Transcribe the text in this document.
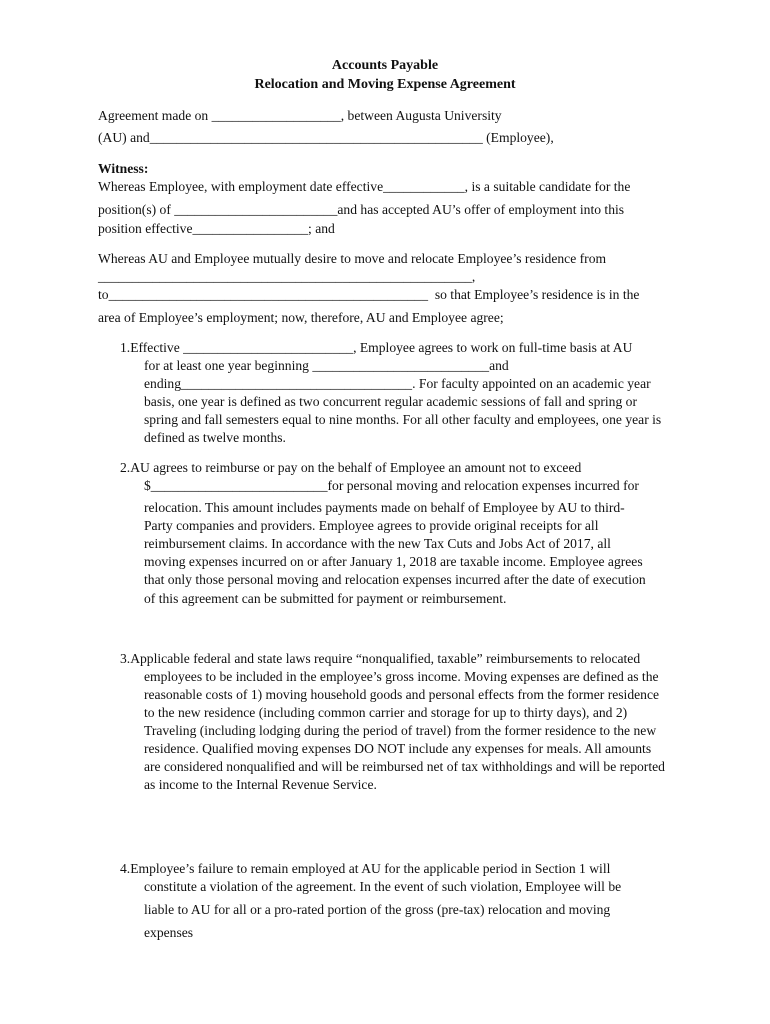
Accounts Payable
Relocation and Moving Expense Agreement
Agreement made on ___________________, between Augusta University
(AU) and_________________________________________________ (Employee),
Witness:
Whereas Employee, with employment date effective____________, is a suitable candidate for the
position(s) of ________________________and has accepted AU’s offer of employment into this
position effective_________________; and
Whereas AU and Employee mutually desire to move and relocate Employee’s residence from
_______________________________________________________,
to_______________________________________________  so that Employee’s residence is in the
area of Employee’s employment; now, therefore, AU and Employee agree;
1.Effective _________________________, Employee agrees to work on full-time basis at AU
for at least one year beginning __________________________and
ending__________________________________. For faculty appointed on an academic year
basis, one year is defined as two concurrent regular academic sessions of fall and spring or
spring and fall semesters equal to nine months. For all other faculty and employees, one year is
defined as twelve months.
2.AU agrees to reimburse or pay on the behalf of Employee an amount not to exceed
$__________________________for personal moving and relocation expenses incurred for
relocation. This amount includes payments made on behalf of Employee by AU to third-
Party companies and providers. Employee agrees to provide original receipts for all
reimbursement claims. In accordance with the new Tax Cuts and Jobs Act of 2017, all
moving expenses incurred on or after January 1, 2018 are taxable income. Employee agrees
that only those personal moving and relocation expenses incurred after the date of execution
of this agreement can be submitted for payment or reimbursement.
3.Applicable federal and state laws require “nonqualified, taxable” reimbursements to relocated
employees to be included in the employee’s gross income. Moving expenses are defined as the
reasonable costs of 1) moving household goods and personal effects from the former residence
to the new residence (including common carrier and storage for up to thirty days), and 2)
Traveling (including lodging during the period of travel) from the former residence to the new
residence. Qualified moving expenses DO NOT include any expenses for meals. All amounts
are considered nonqualified and will be reimbursed net of tax withholdings and will be reported
as income to the Internal Revenue Service.
4.Employee’s failure to remain employed at AU for the applicable period in Section 1 will
constitute a violation of the agreement. In the event of such violation, Employee will be
liable to AU for all or a pro-rated portion of the gross (pre-tax) relocation and moving
expenses
